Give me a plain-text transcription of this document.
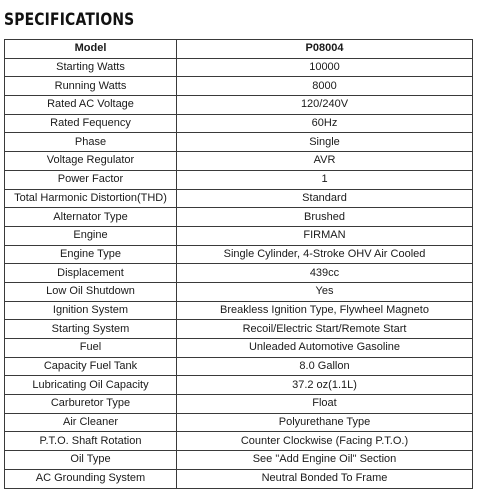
SPECIFICATIONS
Model	P08004
Starting Watts	10000
Running Watts	8000
Rated AC Voltage	120/240V
Rated Fequency	60Hz
Phase	Single
Voltage Regulator	AVR
Power Factor	1
Total Harmonic Distortion(THD)	Standard
Alternator Type	Brushed
Engine	FIRMAN
Engine Type	Single Cylinder, 4-Stroke OHV Air Cooled
Displacement	439cc
Low Oil Shutdown	Yes
Ignition System	Breakless Ignition Type, Flywheel Magneto
Starting System	Recoil/Electric Start/Remote Start
Fuel	Unleaded Automotive Gasoline
Capacity Fuel Tank	8.0 Gallon
Lubricating Oil Capacity	37.2 oz(1.1L)
Carburetor Type	Float
Air Cleaner	Polyurethane Type
P.T.O. Shaft Rotation	Counter Clockwise (Facing P.T.O.)
Oil Type	See "Add Engine Oil" Section
AC Grounding System	Neutral Bonded To Frame
